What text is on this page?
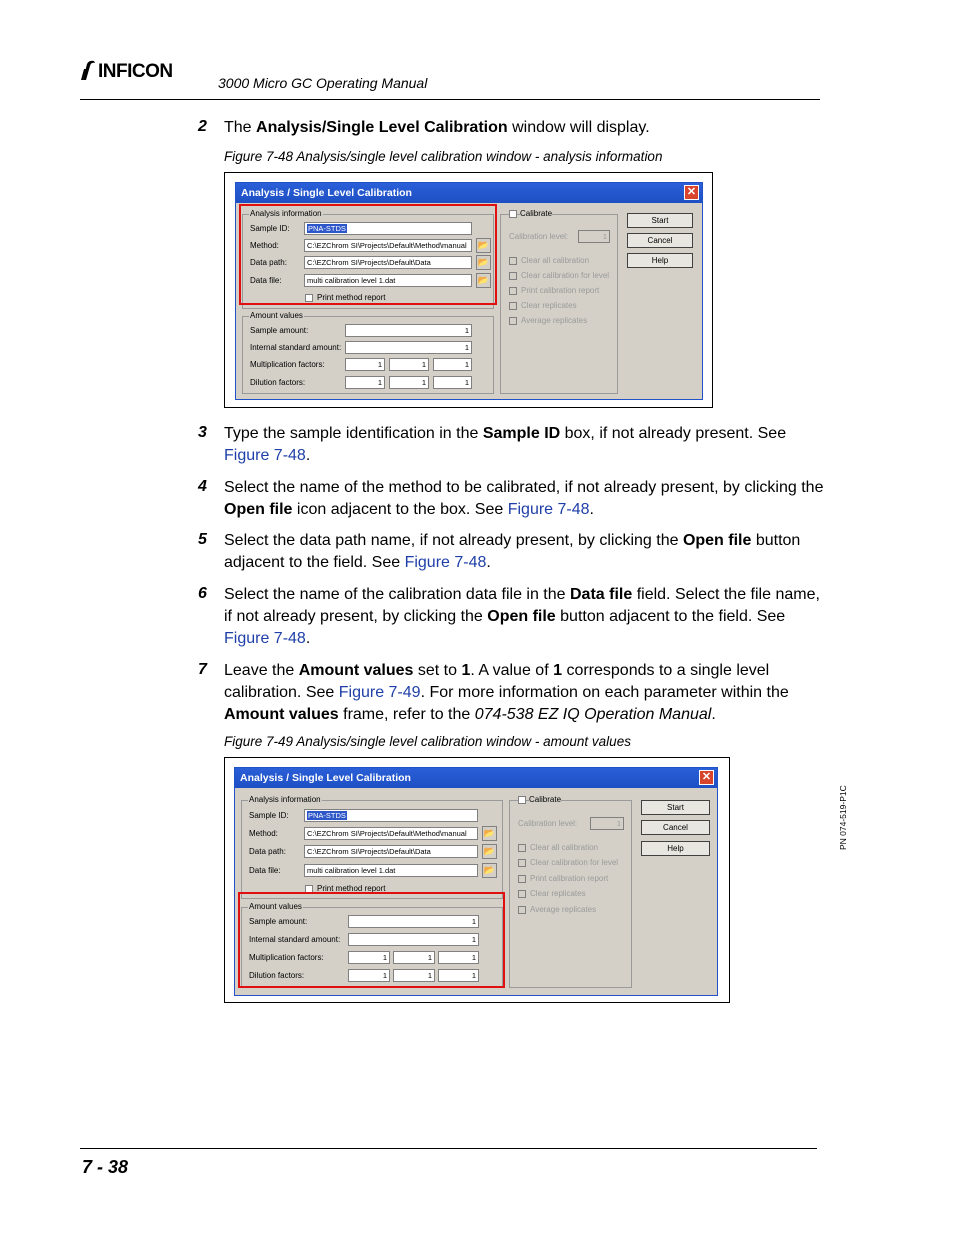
INFICON
3000 Micro GC Operating Manual
2 The Analysis/Single Level Calibration window will display.
Figure 7-48 Analysis/single level calibration window - analysis information
Analysis / Single Level Calibration	✕
Analysis information
Sample ID:	PNA-STDS
Method:	C:\EZChrom SI\Projects\Default\Method\manual	📂
Data path:	C:\EZChrom SI\Projects\Default\Data	📂
Data file:	multi calibration level 1.dat	📂
Print method report
Amount values
Sample amount:	1
Internal standard amount:	1
Multiplication factors:	1	1	1
Dilution factors:	1	1	1
Calibrate
Calibration level:	1
Clear all calibration
Clear calibration for level
Print calibration report
Clear replicates
Average replicates
Start
Cancel
Help
3 Type the sample identification in the Sample ID box, if not already present. See Figure 7-48.
4 Select the name of the method to be calibrated, if not already present, by clicking the Open file icon adjacent to the box. See Figure 7-48.
5 Select the data path name, if not already present, by clicking the Open file button adjacent to the field. See Figure 7-48.
6 Select the name of the calibration data file in the Data file field. Select the file name, if not already present, by clicking the Open file button adjacent to the field. See Figure 7-48.
7 Leave the Amount values set to 1. A value of 1 corresponds to a single level calibration. See Figure 7-49. For more information on each parameter within the Amount values frame, refer to the 074-538 EZ IQ Operation Manual.
Figure 7-49 Analysis/single level calibration window - amount values
Analysis / Single Level Calibration	✕
Analysis information
Sample ID:	PNA-STDS
Method:	C:\EZChrom SI\Projects\Default\Method\manual	📂
Data path:	C:\EZChrom SI\Projects\Default\Data	📂
Data file:	multi calibration level 1.dat	📂
Print method report
Amount values
Sample amount:	1
Internal standard amount:	1
Multiplication factors:	1	1	1
Dilution factors:	1	1	1
Calibrate
Calibration level:	1
Clear all calibration
Clear calibration for level
Print calibration report
Clear replicates
Average replicates
Start
Cancel
Help	PN 074-519-P1C
7 - 38
